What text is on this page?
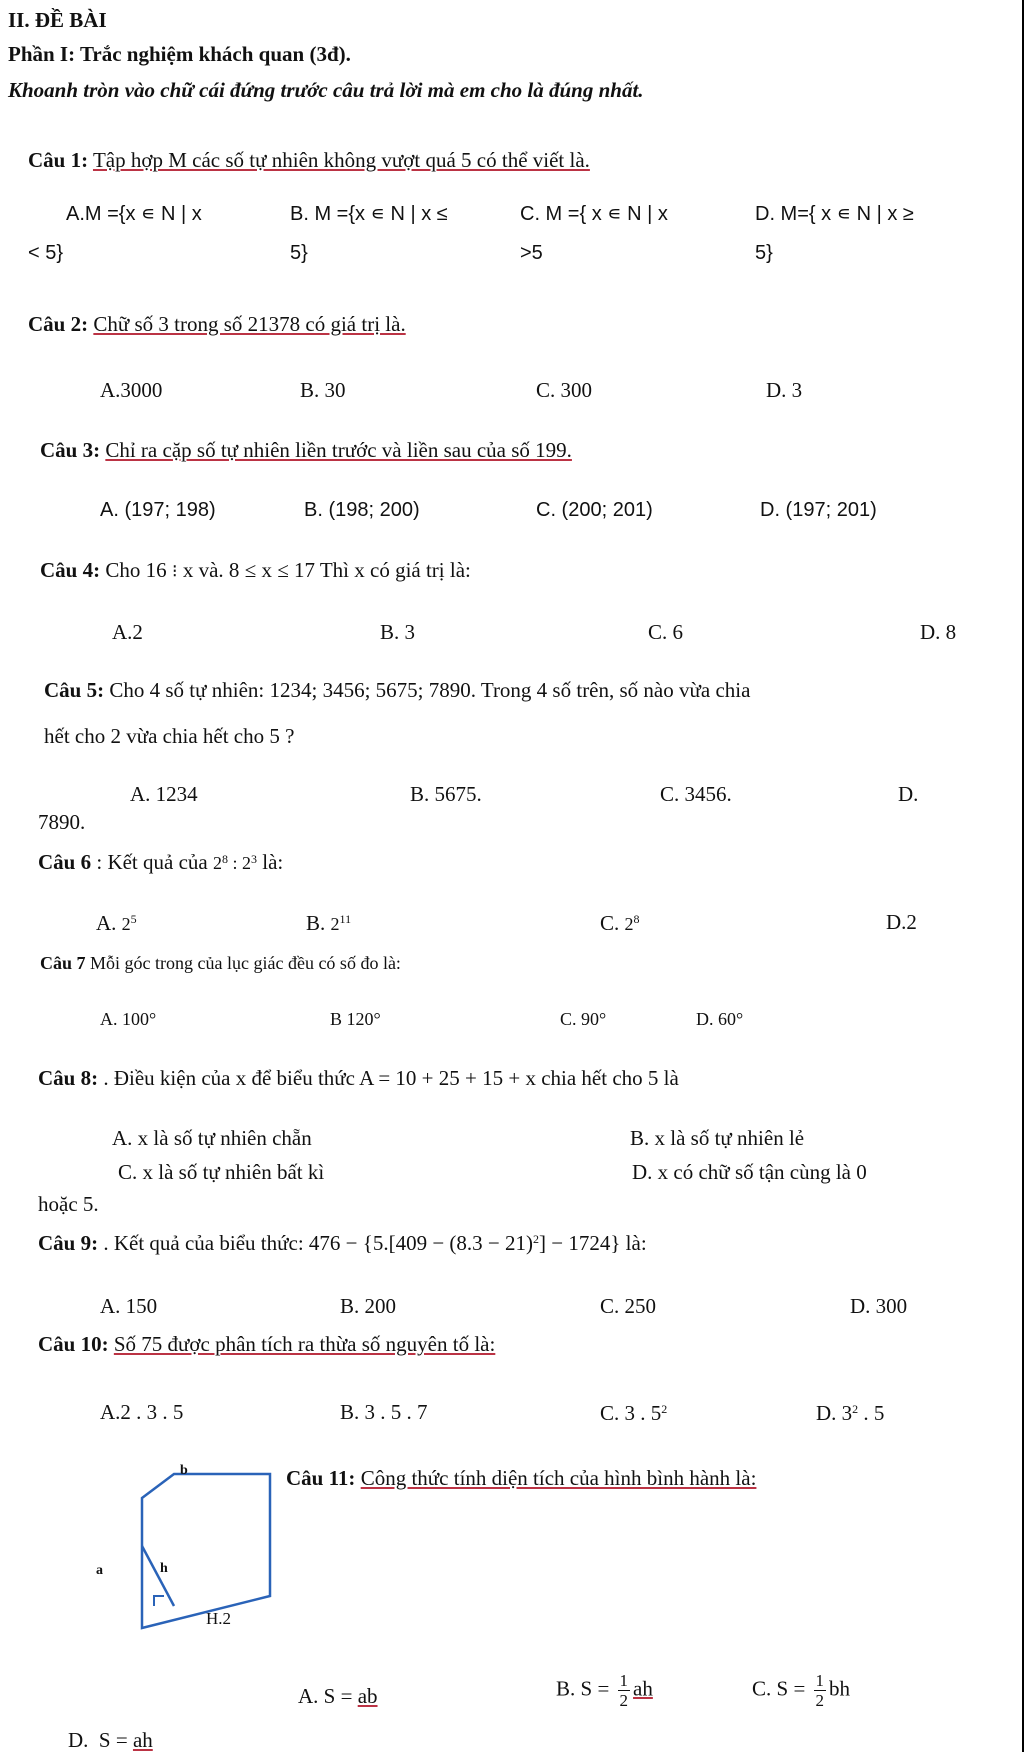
II. ĐỀ BÀI
Phần I: Trắc nghiệm khách quan (3đ).
Khoanh tròn vào chữ cái đứng trước câu trả lời mà em cho là đúng nhất.
Câu 1: Tập hợp M các số tự nhiên không vượt quá 5 có thể viết là.
A.M ={x ∊ N | x
< 5}
B. M ={x ∊ N | x ≤
5}
C. M ={ x ∊ N | x
>5
D. M={ x ∊ N | x ≥
5}
Câu 2: Chữ số 3 trong số 21378 có giá trị là.
A.3000	B. 30	C. 300	D. 3
Câu 3: Chỉ ra cặp số tự nhiên liền trước và liền sau của số 199.
A. (197; 198)	B. (198; 200)	C. (200; 201)	D. (197; 201)
Câu 4: Cho 16 ⁝ x và. 8 ≤ x ≤ 17 Thì x có giá trị là:
A.2	B. 3	C. 6	D. 8
Câu 5: Cho 4 số tự nhiên: 1234; 3456; 5675; 7890. Trong 4 số trên, số nào vừa chia
hết cho 2 vừa chia hết cho 5 ?
A. 1234	B. 5675.	C. 3456.	D.
7890.
Câu 6 : Kết quả của $2^8$ : $2^3$ là:
A. $2^5$	B. $2^{11}$	C. $2^8$	D.2
Câu 7 Mỗi góc trong của lục giác đều có số đo là:
A. 100°	B 120°	C. 90°	D. 60°
Câu 8: . Điều kiện của x để biểu thức A = 10 + 25 + 15 + x chia hết cho 5 là
A. x là số tự nhiên chẵn	B. x là số tự nhiên lẻ
C. x là số tự nhiên bất kì	D. x có chữ số tận cùng là 0
hoặc 5.
Câu 9: . Kết quả của biểu thức: $476 - \{5.[409 - (8.3 - 21)^2] - 1724\}$ là:
A. 150	B. 200	C. 250	D. 300
Câu 10: Số 75 được phân tích ra thừa số nguyên tố là:
A.2 . 3 . 5	B. 3 . 5 . 7	C. 3 . $5^2$	D. $3^2$ . 5
b
a	h
H.2
Câu 11: Công thức tính diện tích của hình bình hành là:
A. S = ab	B. $S = \frac{1}{2}$ ah	C. $S = \frac{1}{2}$ bh
D. S = ah
